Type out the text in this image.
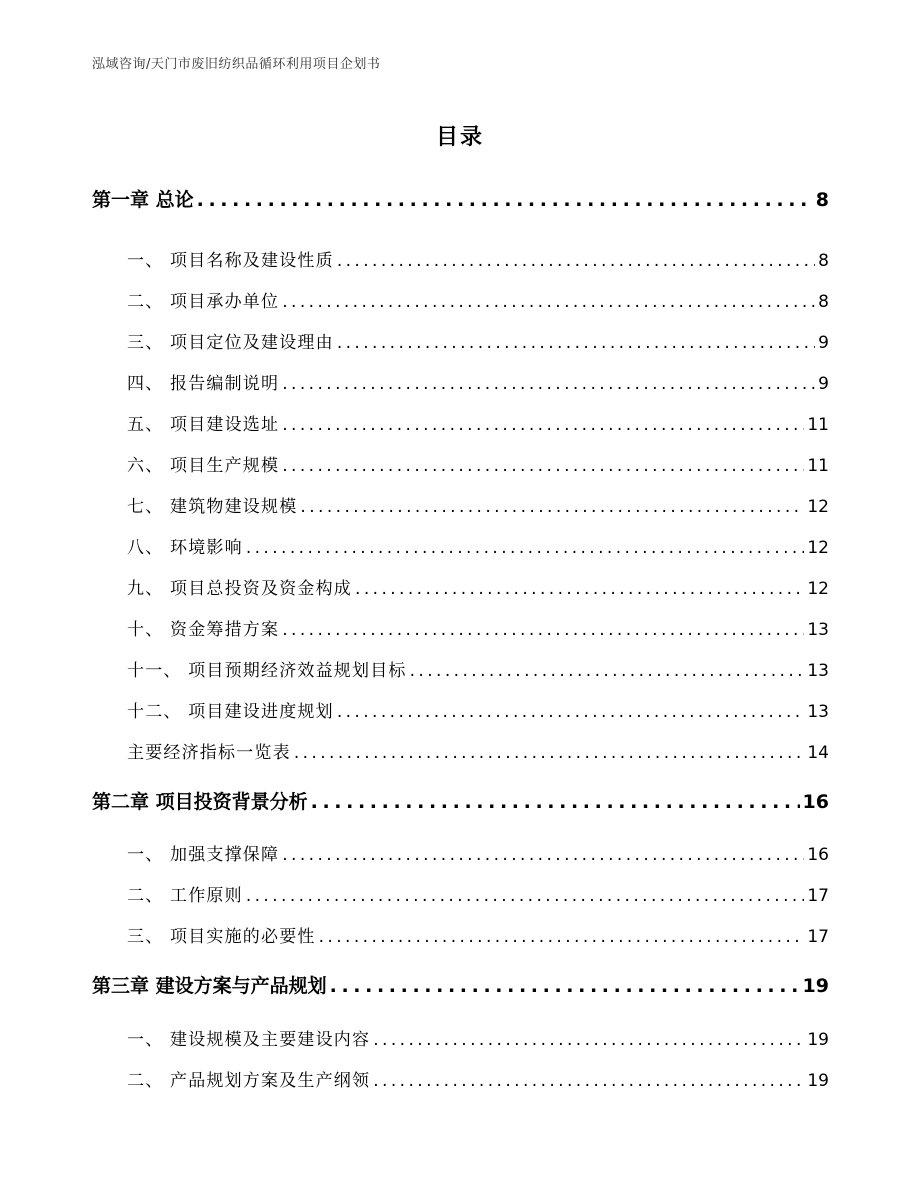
泓域咨询/天门市废旧纺织品循环利用项目企划书
目录
第一章 总论 . . .	8
一、 项目名称及建设性质 . . .	8
二、 项目承办单位 . . .	8
三、 项目定位及建设理由 . . .	9
四、 报告编制说明 . . .	9
五、 项目建设选址 . . .	11
六、 项目生产规模 . . .	11
七、 建筑物建设规模 . . .	12
八、 环境影响 . . .	12
九、 项目总投资及资金构成 . . .	12
十、 资金筹措方案 . . .	13
十一、 项目预期经济效益规划目标 . . .	13
十二、 项目建设进度规划 . . .	13
主要经济指标一览表 . . .	14
第二章 项目投资背景分析 . . .	16
一、 加强支撑保障 . . .	16
二、 工作原则 . . .	17
三、 项目实施的必要性 . . .	17
第三章 建设方案与产品规划 . . .	19
一、 建设规模及主要建设内容 . . .	19
二、 产品规划方案及生产纲领 . . .	19
